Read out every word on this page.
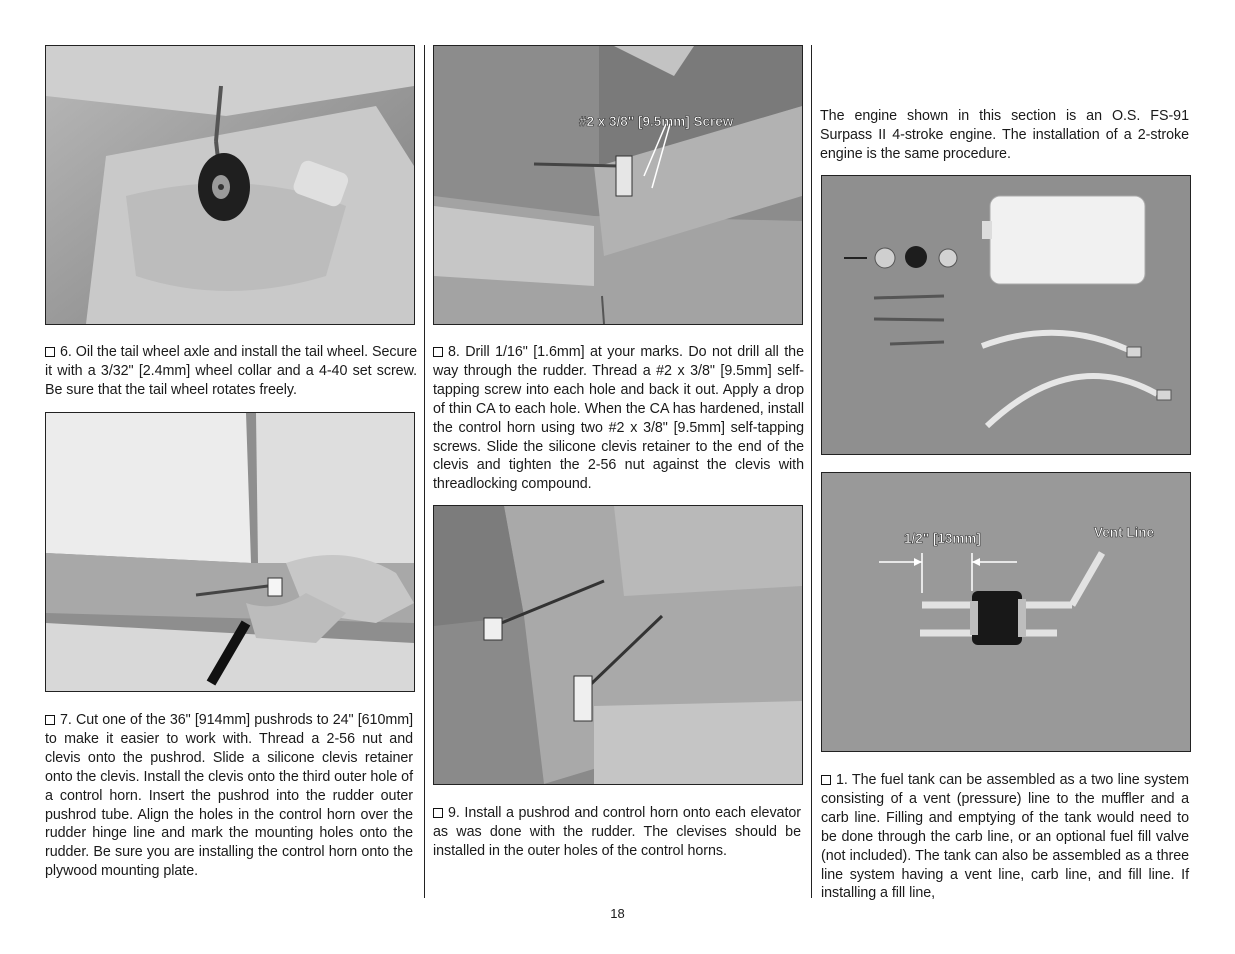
6. Oil the tail wheel axle and install the tail wheel. Secure it with a 3/32" [2.4mm] wheel collar and a 4-40 set screw. Be sure that the tail wheel rotates freely.

7. Cut one of the 36" [914mm] pushrods to 24" [610mm] to make it easier to work with. Thread a 2-56 nut and clevis onto the pushrod. Slide a silicone clevis retainer onto the clevis. Install the clevis onto the third outer hole of a control horn. Insert the pushrod into the rudder outer pushrod tube. Align the holes in the control horn over the rudder hinge line and mark the mounting holes onto the rudder. Be sure you are installing the control horn onto the plywood mounting plate.

#2 x 3/8" [9.5mm] Screw

8. Drill 1/16" [1.6mm] at your marks. Do not drill all the way through the rudder. Thread a #2 x 3/8" [9.5mm] self-tapping screw into each hole and back it out. Apply a drop of thin CA to each hole. When the CA has hardened, install the control horn using two #2 x 3/8" [9.5mm] self-tapping screws. Slide the silicone clevis retainer to the end of the clevis and tighten the 2-56 nut against the clevis with threadlocking compound.

9. Install a pushrod and control horn onto each elevator as was done with the rudder. The clevises should be installed in the outer holes of the control horns.

The engine shown in this section is an O.S. FS-91 Surpass II 4-stroke engine. The installation of a 2-stroke engine is the same procedure.

1/2" [13mm]	Vent Line

1. The fuel tank can be assembled as a two line system consisting of a vent (pressure) line to the muffler and a carb line. Filling and emptying of the tank would need to be done through the carb line, or an optional fuel fill valve (not included). The tank can also be assembled as a three line system having a vent line, carb line, and fill line. If installing a fill line,

18
